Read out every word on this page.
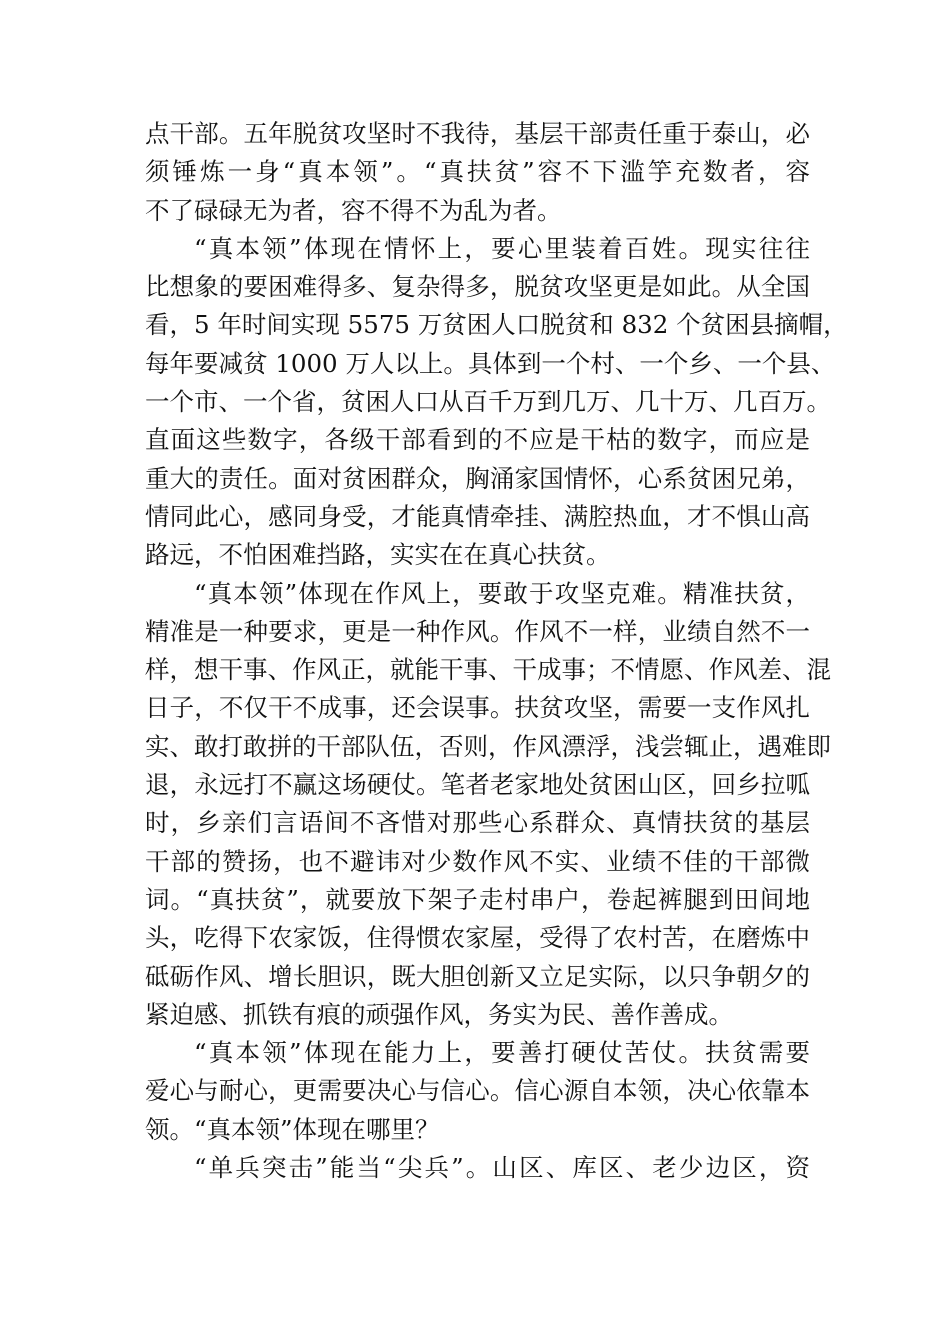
点干部。五年脱贫攻坚时不我待，基层干部责任重于泰山，必
须锤炼一身“真本领”。“真扶贫”容不下滥竽充数者，容
不了碌碌无为者，容不得不为乱为者。
“真本领”体现在情怀上，要心里装着百姓。现实往往
比想象的要困难得多、复杂得多，脱贫攻坚更是如此。从全国
看，5 年时间实现 5575 万贫困人口脱贫和 832 个贫困县摘帽，
每年要减贫 1000 万人以上。具体到一个村、一个乡、一个县、
一个市、一个省，贫困人口从百千万到几万、几十万、几百万。
直面这些数字，各级干部看到的不应是干枯的数字，而应是
重大的责任。面对贫困群众，胸涌家国情怀，心系贫困兄弟，
情同此心，感同身受，才能真情牵挂、满腔热血，才不惧山高
路远，不怕困难挡路，实实在在真心扶贫。
“真本领”体现在作风上，要敢于攻坚克难。精准扶贫，
精准是一种要求，更是一种作风。作风不一样，业绩自然不一
样，想干事、作风正，就能干事、干成事；不情愿、作风差、混
日子，不仅干不成事，还会误事。扶贫攻坚，需要一支作风扎
实、敢打敢拼的干部队伍，否则，作风漂浮，浅尝辄止，遇难即
退，永远打不赢这场硬仗。笔者老家地处贫困山区，回乡拉呱
时，乡亲们言语间不吝惜对那些心系群众、真情扶贫的基层
干部的赞扬，也不避讳对少数作风不实、业绩不佳的干部微
词。“真扶贫”，就要放下架子走村串户，卷起裤腿到田间地
头，吃得下农家饭，住得惯农家屋，受得了农村苦，在磨炼中
砥砺作风、增长胆识，既大胆创新又立足实际，以只争朝夕的
紧迫感、抓铁有痕的顽强作风，务实为民、善作善成。
“真本领”体现在能力上，要善打硬仗苦仗。扶贫需要
爱心与耐心，更需要决心与信心。信心源自本领，决心依靠本
领。“真本领”体现在哪里？
“单兵突击”能当“尖兵”。山区、库区、老少边区，资
